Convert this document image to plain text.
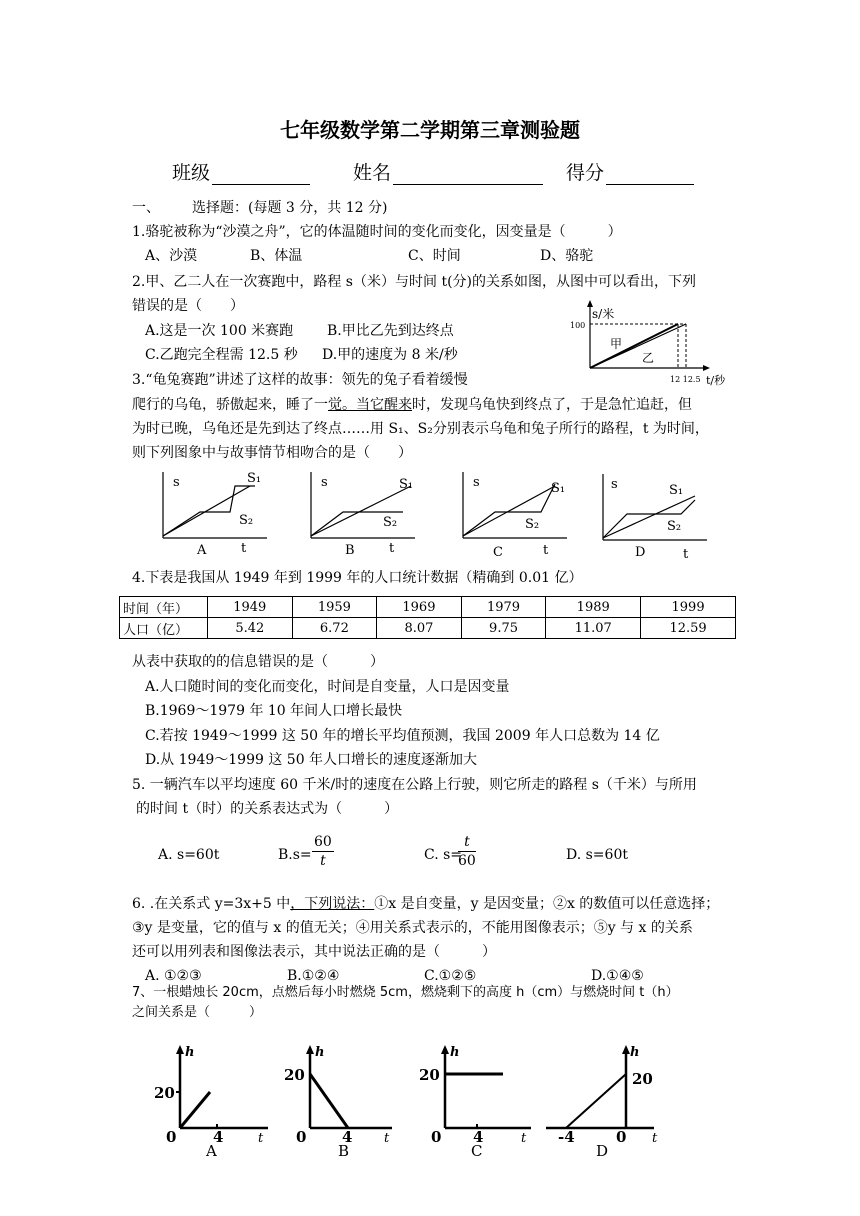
七年级数学第二学期第三章测验题
班级	姓名	得分
一、 选择题：(每题 3 分，共 12 分)
1.骆驼被称为“沙漠之舟”，它的体温随时间的变化而变化，因变量是（　　　）
A、沙漠	B、体温	C、时间	D、骆驼
2.甲、乙二人在一次赛跑中，路程 s（米）与时间 t(分)的关系如图，从图中可以看出，下列
错误的是（　　）
A.这是一次 100 米赛跑 B.甲比乙先到达终点
C.乙跑完全程需 12.5 秒 D.甲的速度为 8 米/秒
s/米
100
甲
乙
12 12.5 t/秒
3.“龟兔赛跑”讲述了这样的故事：领先的兔子看着缓慢
爬行的乌龟，骄傲起来，睡了一觉。当它醒来时，发现乌龟快到终点了，于是急忙追赶，但
为时已晚，乌龟还是先到达了终点……用 S₁、S₂分别表示乌龟和兔子所行的路程，t 为时间，
则下列图象中与故事情节相吻合的是（　　）
s	S₁
S₂
A	t
s	S₁
S₂
B	t
s	S₁
S₂
C	t
s	S₁
S₂
D	t
4.下表是我国从 1949 年到 1999 年的人口统计数据（精确到 0.01 亿）
时间（年）	1949	1959	1969	1979	1989	1999
人口（亿）	5.42	6.72	8.07	9.75	11.07	12.59
从表中获取的的信息错误的是（　　　）
A.人口随时间的变化而变化，时间是自变量，人口是因变量
B.1969～1979 年 10 年间人口增长最快
C.若按 1949～1999 这 50 年的增长平均值预测，我国 2009 年人口总数为 14 亿
D.从 1949～1999 这 50 年人口增长的速度逐渐加大
5. 一辆汽车以平均速度 60 千米/时的速度在公路上行驶，则它所走的路程 s（千米）与所用
的时间 t（时）的关系表达式为（　　　）
A. s=60t	$B.s= \frac{60}{t}$	C. s=
$\frac{t}{60}$	D. s=60t
6. .在关系式 y=3x+5 中，下列说法：①x 是自变量，y 是因变量；②x 的数值可以任意选择；
③y 是变量，它的值与 x 的值无关；④用关系式表示的，不能用图像表示；⑤y 与 x 的关系
还可以用列表和图像法表示，其中说法正确的是（　　　）
A. ①②③	B.①②④	C.①②⑤	D.①④⑤
7、一根蜡烛长 20cm，点燃后每小时燃烧 5cm，燃烧剩下的高度 h（cm）与燃烧时间 t（h）
之间关系是（　　　）
h
20
0 4	t
A
h
20
0 4 t
B
h
20
0 4	t
C
h
20
-4	0 t
D
